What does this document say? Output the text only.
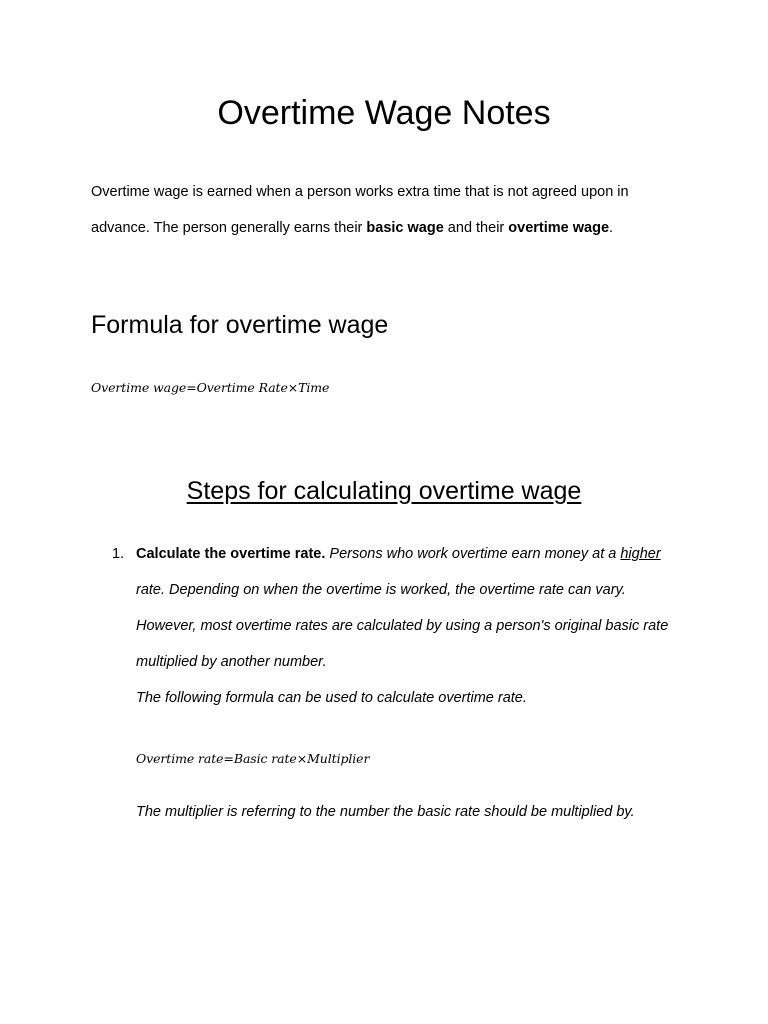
Overtime Wage Notes

Overtime wage is earned when a person works extra time that is not agreed upon in advance. The person generally earns their basic wage and their overtime wage.

Formula for overtime wage
Overtime wage=Overtime Rate×Time
Steps for calculating overtime wage
1. Calculate the overtime rate. Persons who work overtime earn money at a higher rate. Depending on when the overtime is worked, the overtime rate can vary. However, most overtime rates are calculated by using a person's original basic rate multiplied by another number.

The following formula can be used to calculate overtime rate.

Overtime rate=Basic rate×Multiplier

The multiplier is referring to the number the basic rate should be multiplied by.
